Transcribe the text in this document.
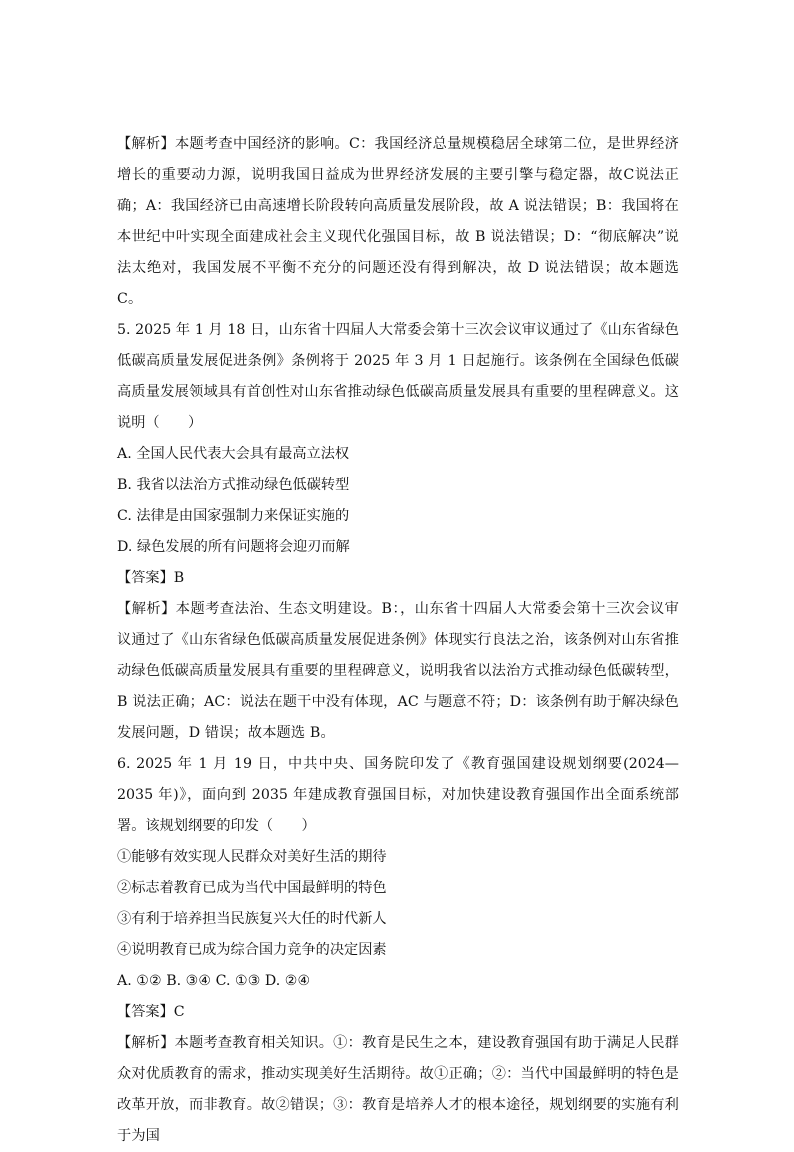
【解析】本题考查中国经济的影响。C：我国经济总量规模稳居全球第二位，是世界经济增长的重要动力源，说明我国日益成为世界经济发展的主要引擎与稳定器，故C说法正确；A：我国经济已由高速增长阶段转向高质量发展阶段，故 A 说法错误；B：我国将在本世纪中叶实现全面建成社会主义现代化强国目标，故 B 说法错误；D：“彻底解决”说法太绝对，我国发展不平衡不充分的问题还没有得到解决，故 D 说法错误；故本题选 C。

5. 2025 年 1 月 18 日，山东省十四届人大常委会第十三次会议审议通过了《山东省绿色低碳高质量发展促进条例》条例将于 2025 年 3 月 1 日起施行。该条例在全国绿色低碳高质量发展领域具有首创性对山东省推动绿色低碳高质量发展具有重要的里程碑意义。这说明（　　）

A. 全国人民代表大会具有最高立法权

B. 我省以法治方式推动绿色低碳转型

C. 法律是由国家强制力来保证实施的

D. 绿色发展的所有问题将会迎刃而解

【答案】B

【解析】本题考查法治、生态文明建设。B：，山东省十四届人大常委会第十三次会议审议通过了《山东省绿色低碳高质量发展促进条例》体现实行良法之治，该条例对山东省推动绿色低碳高质量发展具有重要的里程碑意义，说明我省以法治方式推动绿色低碳转型，B 说法正确；AC：说法在题干中没有体现，AC 与题意不符；D：该条例有助于解决绿色发展问题，D 错误；故本题选 B。

6. 2025 年 1 月 19 日，中共中央、国务院印发了《教育强国建设规划纲要(2024—2035 年)》，面向到 2035 年建成教育强国目标，对加快建设教育强国作出全面系统部署。该规划纲要的印发（　　）

①能够有效实现人民群众对美好生活的期待

②标志着教育已成为当代中国最鲜明的特色

③有利于培养担当民族复兴大任的时代新人

④说明教育已成为综合国力竞争的决定因素

A. ①② B. ③④ C. ①③ D. ②④

【答案】C

【解析】本题考查教育相关知识。①：教育是民生之本，建设教育强国有助于满足人民群众对优质教育的需求，推动实现美好生活期待。故①正确；②：当代中国最鲜明的特色是改革开放，而非教育。故②错误；③：教育是培养人才的根本途径，规划纲要的实施有利于为国
